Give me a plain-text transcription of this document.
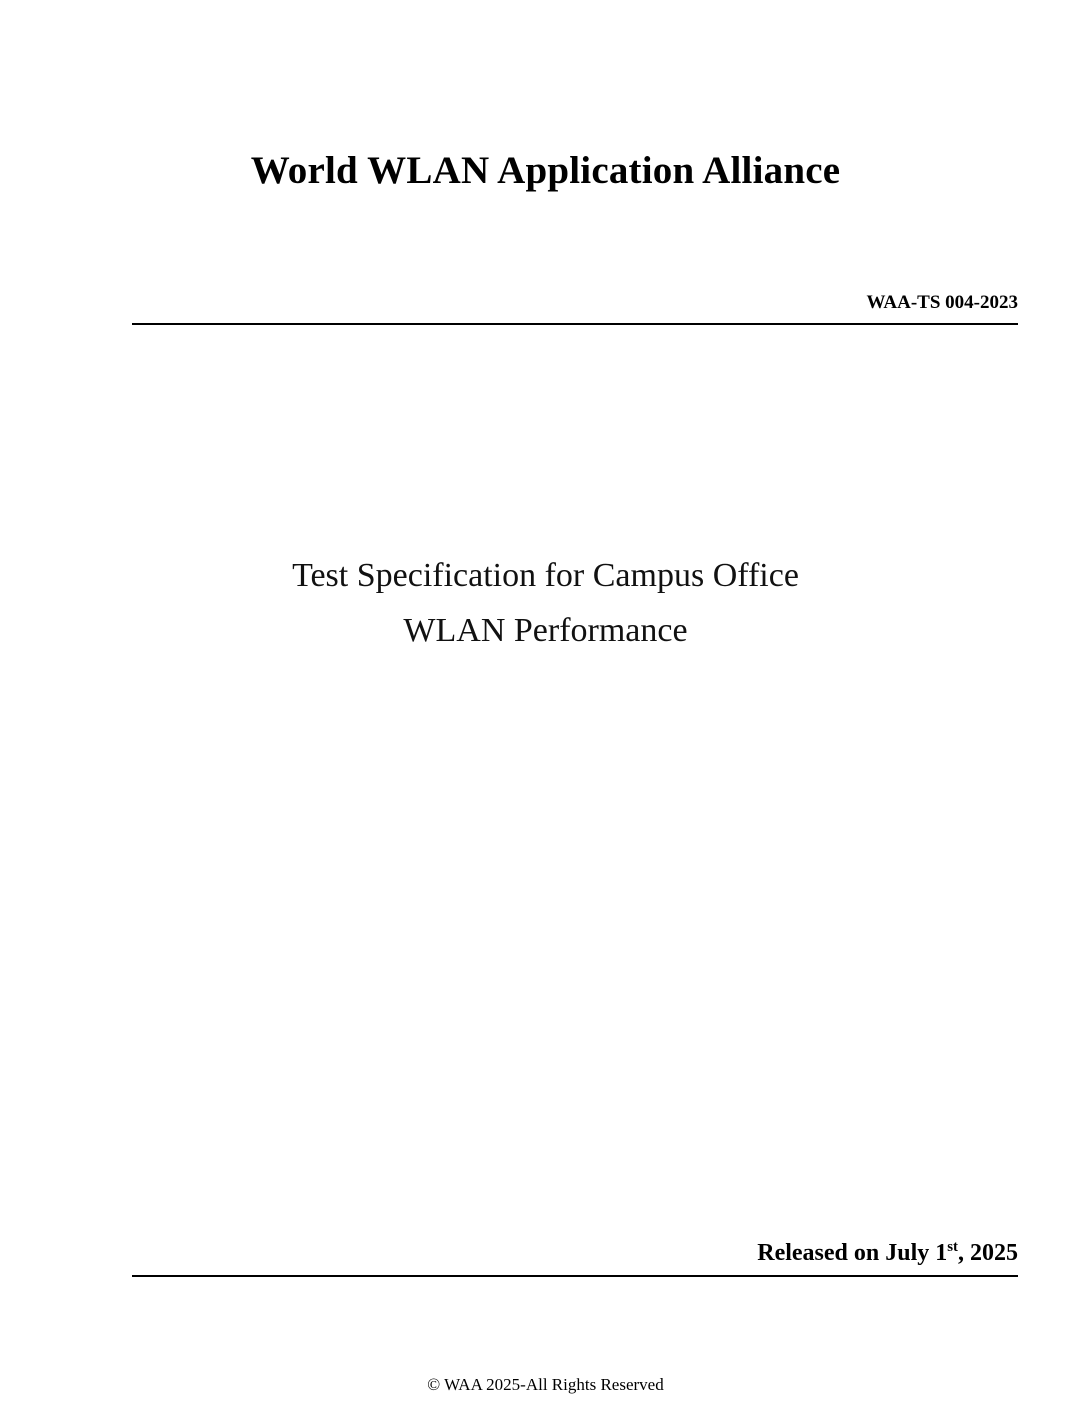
World WLAN Application Alliance
WAA-TS 004-2023
Test Specification for Campus Office
WLAN Performance
Released on July 1st, 2025
© WAA 2025-All Rights Reserved
